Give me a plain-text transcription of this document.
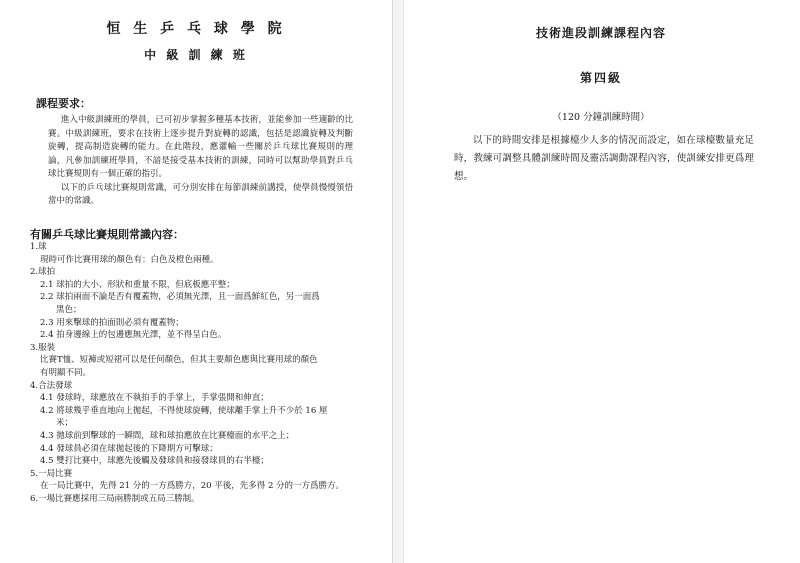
恒 生 乒 乓 球 學 院
中 級 訓 練 班
課程要求：

進入中級訓練班的學員，已可初步掌握多種基本技術，並能參加一些適齡的比賽。中級訓練班，要求在技術上逐步提升對旋轉的認識，包括是認識旋轉及判斷旋轉，提高制造旋轉的能力。在此階段，應灌輸一些關於乒乓球比賽規則的理論，凡參加訓練班學員，不諳是接受基本技術的訓練，同時可以幫助學員對乒乓球比賽規則有一個正確的指引。

以下的乒乓球比賽規則常識，可分別安排在每節訓練前講授，使學員慢慢領悟當中的常識。

有關乒乓球比賽規則常識內容：
1.球
現時可作比賽用球的顏色有：白色及橙色兩種。
2.球拍
2.1 球拍的大小、形狀和重量不限，但底板應平整；
2.2 球拍兩面不論是否有覆蓋物，必須無光澤，且一面爲鮮紅色，另一面爲
黑色；
2.3 用來擊球的拍面則必須有覆蓋物；
2.4 拍身邊線上的包邊應無光澤，並不得呈白色。
3.服裝
比賽T恤、短褲或短裙可以是任何顏色，但其主要顏色應與比賽用球的顏色
有明顯不同。
4.合法發球
4.1 發球時，球應放在不執拍手的手掌上，手掌張開和伸直；
4.2 將球幾乎垂直地向上拋起，不得使球旋轉，使球離手掌上升不少於 16 厘
米；
4.3 拋球前到擊球的一瞬間，球和球拍應放在比賽檯面的水平之上；
4.4 發球員必須在球拋起後的下降期方可擊球；
4.5 雙打比賽中，球應先後觸及發球員和接發球員的右半檯；
5.一局比賽
在一局比賽中，先得 21 分的一方爲勝方，20 平後，先多得 2 分的一方爲勝方。
6.一場比賽應採用三局兩勝制或五局三勝制。
技術進段訓練課程內容
第四級
（120 分鐘訓練時間）

以下的時間安排是根據檯少人多的情況而設定，如在球檯數量充足時，教練可調整具體訓練時間及靈活調動課程內容，使訓練安排更爲理想。
